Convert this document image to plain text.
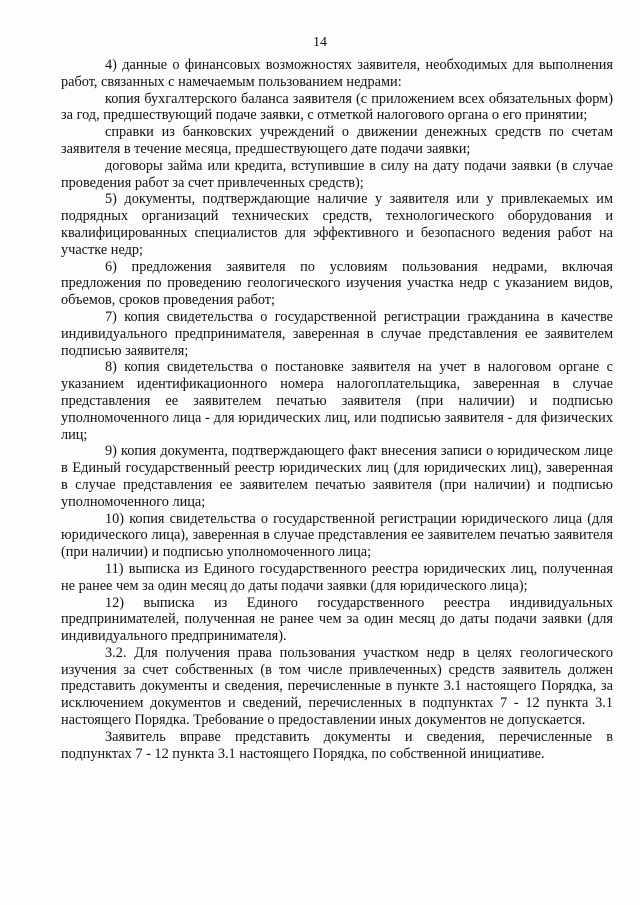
14

4) данные о финансовых возможностях заявителя, необходимых для выполнения работ, связанных с намечаемым пользованием недрами:

копия бухгалтерского баланса заявителя (с приложением всех обязательных форм) за год, предшествующий подаче заявки, с отметкой налогового органа о его принятии;

справки из банковских учреждений о движении денежных средств по счетам заявителя в течение месяца, предшествующего дате подачи заявки;

договоры займа или кредита, вступившие в силу на дату подачи заявки (в случае проведения работ за счет привлеченных средств);

5) документы, подтверждающие наличие у заявителя или у привлекаемых им подрядных организаций технических средств, технологического оборудования и квалифицированных специалистов для эффективного и безопасного ведения работ на участке недр;

6) предложения заявителя по условиям пользования недрами, включая предложения по проведению геологического изучения участка недр с указанием видов, объемов, сроков проведения работ;

7) копия свидетельства о государственной регистрации гражданина в качестве индивидуального предпринимателя, заверенная в случае представления ее заявителем подписью заявителя;

8) копия свидетельства о постановке заявителя на учет в налоговом органе с указанием идентификационного номера налогоплательщика, заверенная в случае представления ее заявителем печатью заявителя (при наличии) и подписью уполномоченного лица - для юридических лиц, или подписью заявителя - для физических лиц;

9) копия документа, подтверждающего факт внесения записи о юридическом лице в Единый государственный реестр юридических лиц (для юридических лиц), заверенная в случае представления ее заявителем печатью заявителя (при наличии) и подписью уполномоченного лица;

10) копия свидетельства о государственной регистрации юридического лица (для юридического лица), заверенная в случае представления ее заявителем печатью заявителя (при наличии) и подписью уполномоченного лица;

11) выписка из Единого государственного реестра юридических лиц, полученная не ранее чем за один месяц до даты подачи заявки (для юридического лица);

12) выписка из Единого государственного реестра индивидуальных предпринимателей, полученная не ранее чем за один месяц до даты подачи заявки (для индивидуального предпринимателя).

3.2. Для получения права пользования участком недр в целях геологического изучения за счет собственных (в том числе привлеченных) средств заявитель должен представить документы и сведения, перечисленные в пункте 3.1 настоящего Порядка, за исключением документов и сведений, перечисленных в подпунктах 7 - 12 пункта 3.1 настоящего Порядка. Требование о предоставлении иных документов не допускается.

Заявитель вправе представить документы и сведения, перечисленные в подпунктах 7 - 12 пункта 3.1 настоящего Порядка, по собственной инициативе.
